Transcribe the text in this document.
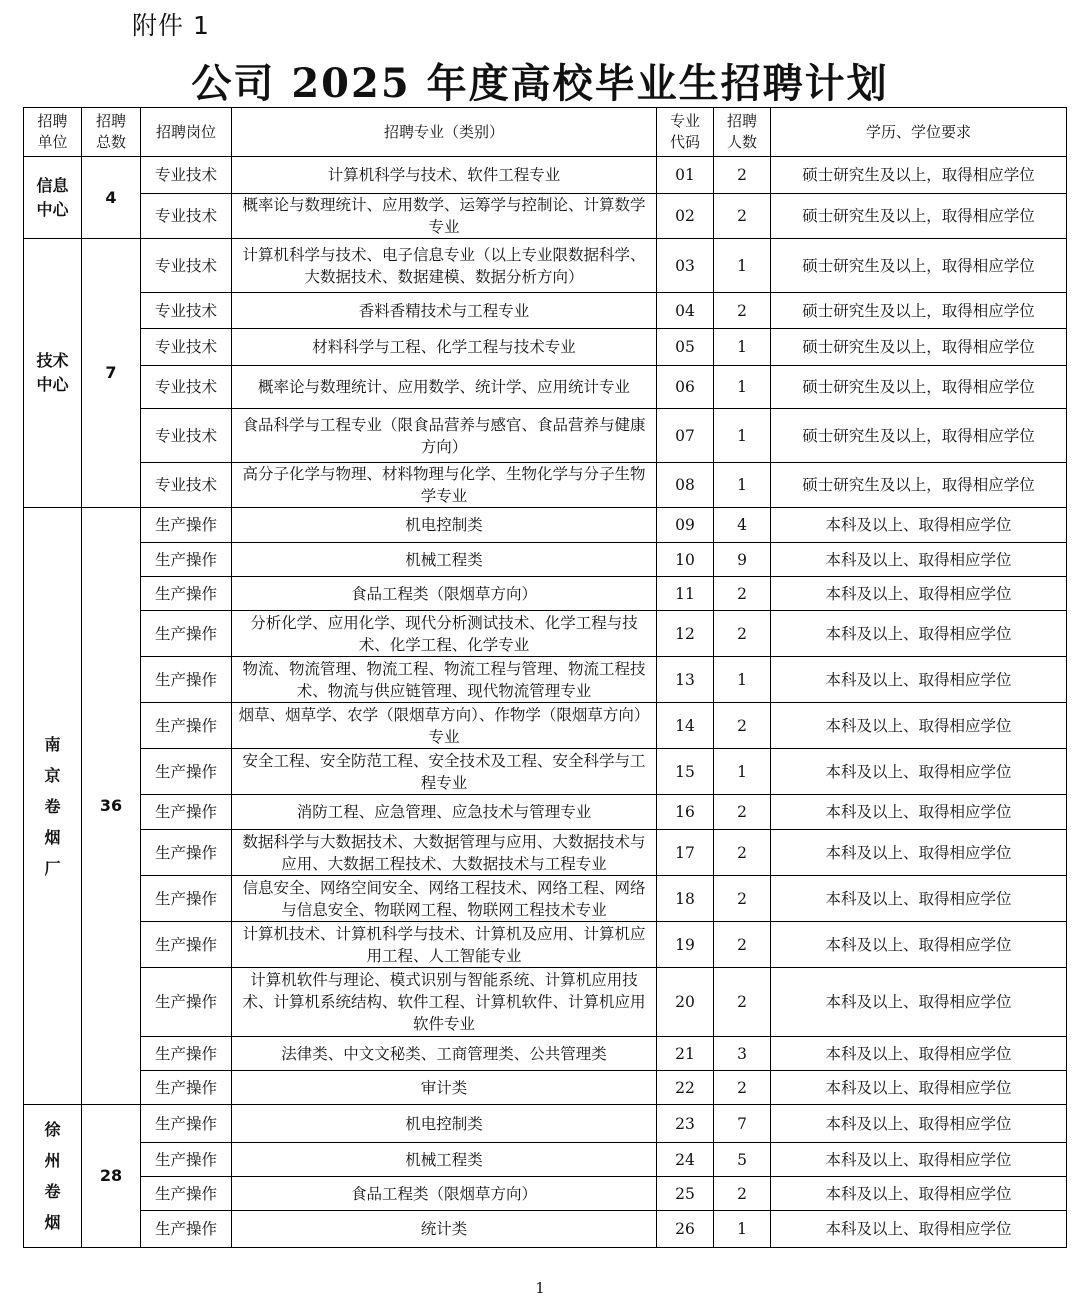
附件 1
公司 2025 年度高校毕业生招聘计划
招聘单位	招聘总数	招聘岗位	招聘专业（类别）	专业代码	招聘人数	学历、学位要求

信息中心	4	专业技术	计算机科学与技术、软件工程专业	01	2	硕士研究生及以上，取得相应学位
		专业技术	概率论与数理统计、应用数学、运筹学与控制论、计算数学专业	02	2	硕士研究生及以上，取得相应学位

技术中心	7	专业技术	计算机科学与技术、电子信息专业（以上专业限数据科学、大数据技术、数据建模、数据分析方向）	03	1	硕士研究生及以上，取得相应学位
		专业技术	香料香精技术与工程专业	04	2	硕士研究生及以上，取得相应学位
		专业技术	材料科学与工程、化学工程与技术专业	05	1	硕士研究生及以上，取得相应学位
		专业技术	概率论与数理统计、应用数学、统计学、应用统计专业	06	1	硕士研究生及以上，取得相应学位
		专业技术	食品科学与工程专业（限食品营养与感官、食品营养与健康方向）	07	1	硕士研究生及以上，取得相应学位
		专业技术	高分子化学与物理、材料物理与化学、生物化学与分子生物学专业	08	1	硕士研究生及以上，取得相应学位

南京卷烟厂	36	生产操作	机电控制类	09	4	本科及以上、取得相应学位
		生产操作	机械工程类	10	9	本科及以上、取得相应学位
		生产操作	食品工程类（限烟草方向）	11	2	本科及以上、取得相应学位
		生产操作	分析化学、应用化学、现代分析测试技术、化学工程与技术、化学工程、化学专业	12	2	本科及以上、取得相应学位
		生产操作	物流、物流管理、物流工程、物流工程与管理、物流工程技术、物流与供应链管理、现代物流管理专业	13	1	本科及以上、取得相应学位
		生产操作	烟草、烟草学、农学（限烟草方向）、作物学（限烟草方向）专业	14	2	本科及以上、取得相应学位
		生产操作	安全工程、安全防范工程、安全技术及工程、安全科学与工程专业	15	1	本科及以上、取得相应学位
		生产操作	消防工程、应急管理、应急技术与管理专业	16	2	本科及以上、取得相应学位
		生产操作	数据科学与大数据技术、大数据管理与应用、大数据技术与应用、大数据工程技术、大数据技术与工程专业	17	2	本科及以上、取得相应学位
		生产操作	信息安全、网络空间安全、网络工程技术、网络工程、网络与信息安全、物联网工程、物联网工程技术专业	18	2	本科及以上、取得相应学位
		生产操作	计算机技术、计算机科学与技术、计算机及应用、计算机应用工程、人工智能专业	19	2	本科及以上、取得相应学位
		生产操作	计算机软件与理论、模式识别与智能系统、计算机应用技术、计算机系统结构、软件工程、计算机软件、计算机应用软件专业	20	2	本科及以上、取得相应学位
		生产操作	法律类、中文文秘类、工商管理类、公共管理类	21	3	本科及以上、取得相应学位
		生产操作	审计类	22	2	本科及以上、取得相应学位

徐州卷烟	28	生产操作	机电控制类	23	7	本科及以上、取得相应学位
		生产操作	机械工程类	24	5	本科及以上、取得相应学位
		生产操作	食品工程类（限烟草方向）	25	2	本科及以上、取得相应学位
		生产操作	统计类	26	1	本科及以上、取得相应学位
1
